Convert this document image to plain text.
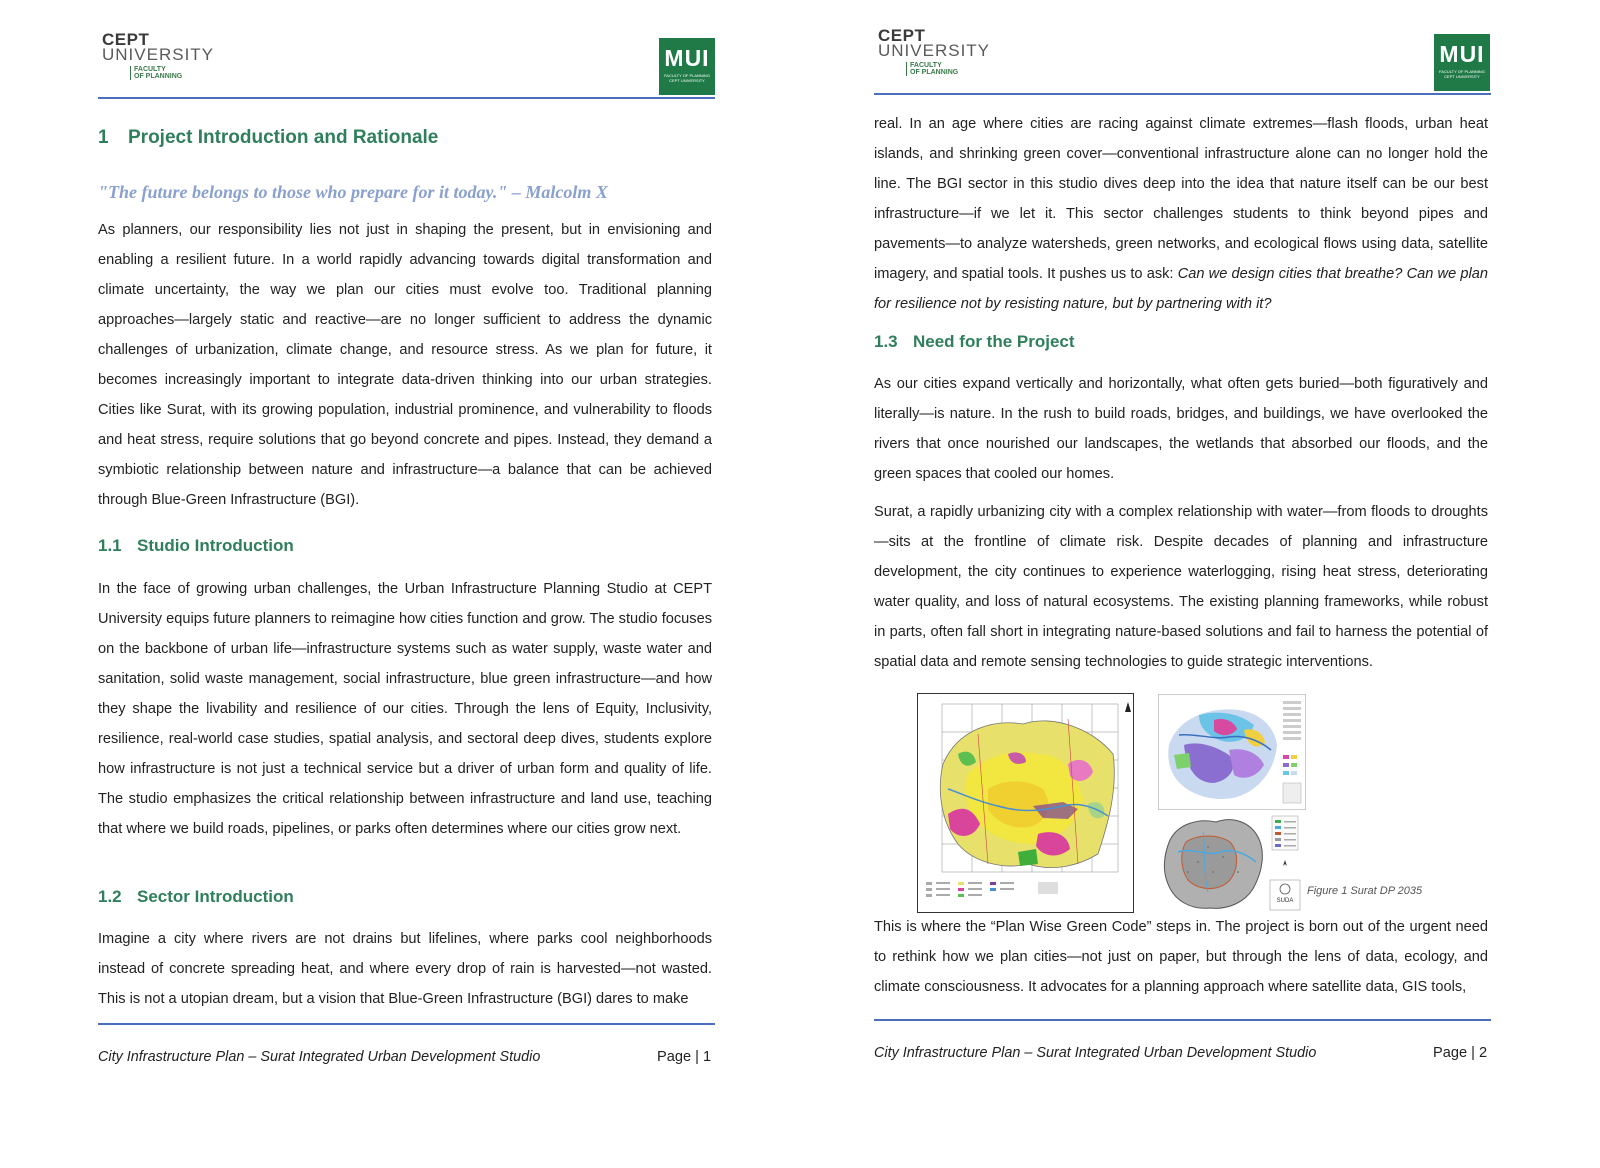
CEPT
UNIVERSITY
FACULTY
OF PLANNING
MUI
FACULTY OF PLANNING
CEPT UNIVERSITY
1 Project Introduction and Rationale
"The future belongs to those who prepare for it today." – Malcolm X

As planners, our responsibility lies not just in shaping the present, but in envisioning and enabling a resilient future. In a world rapidly advancing towards digital transformation and climate uncertainty, the way we plan our cities must evolve too. Traditional planning approaches—largely static and reactive—are no longer sufficient to address the dynamic challenges of urbanization, climate change, and resource stress. As we plan for future, it becomes increasingly important to integrate data-driven thinking into our urban strategies. Cities like Surat, with its growing population, industrial prominence, and vulnerability to floods and heat stress, require solutions that go beyond concrete and pipes. Instead, they demand a symbiotic relationship between nature and infrastructure—a balance that can be achieved through Blue-Green Infrastructure (BGI).

1.1 Studio Introduction

In the face of growing urban challenges, the Urban Infrastructure Planning Studio at CEPT University equips future planners to reimagine how cities function and grow. The studio focuses on the backbone of urban life—infrastructure systems such as water supply, waste water and sanitation, solid waste management, social infrastructure, blue green infrastructure—and how they shape the livability and resilience of our cities. Through the lens of Equity, Inclusivity, resilience, real-world case studies, spatial analysis, and sectoral deep dives, students explore how infrastructure is not just a technical service but a driver of urban form and quality of life. The studio emphasizes the critical relationship between infrastructure and land use, teaching that where we build roads, pipelines, or parks often determines where our cities grow next.

1.2 Sector Introduction

Imagine a city where rivers are not drains but lifelines, where parks cool neighborhoods instead of concrete spreading heat, and where every drop of rain is harvested—not wasted. This is not a utopian dream, but a vision that Blue-Green Infrastructure (BGI) dares to make

City Infrastructure Plan – Surat Integrated Urban Development Studio	Page | 1
CEPT
UNIVERSITY
FACULTY
OF PLANNING
MUI
FACULTY OF PLANNING
CEPT UNIVERSITY

real. In an age where cities are racing against climate extremes—flash floods, urban heat islands, and shrinking green cover—conventional infrastructure alone can no longer hold the line. The BGI sector in this studio dives deep into the idea that nature itself can be our best infrastructure—if we let it. This sector challenges students to think beyond pipes and pavements—to analyze watersheds, green networks, and ecological flows using data, satellite imagery, and spatial tools. It pushes us to ask: Can we design cities that breathe? Can we plan for resilience not by resisting nature, but by partnering with it?

1.3 Need for the Project

As our cities expand vertically and horizontally, what often gets buried—both figuratively and literally—is nature. In the rush to build roads, bridges, and buildings, we have overlooked the rivers that once nourished our landscapes, the wetlands that absorbed our floods, and the green spaces that cooled our homes.

Surat, a rapidly urbanizing city with a complex relationship with water—from floods to droughts—sits at the frontline of climate risk. Despite decades of planning and infrastructure development, the city continues to experience waterlogging, rising heat stress, deteriorating water quality, and loss of natural ecosystems. The existing planning frameworks, while robust in parts, often fall short in integrating nature-based solutions and fail to harness the potential of spatial data and remote sensing technologies to guide strategic interventions.

SUDA
Figure 1 Surat DP 2035

This is where the “Plan Wise Green Code” steps in. The project is born out of the urgent need to rethink how we plan cities—not just on paper, but through the lens of data, ecology, and climate consciousness. It advocates for a planning approach where satellite data, GIS tools,

City Infrastructure Plan – Surat Integrated Urban Development Studio	Page | 2
